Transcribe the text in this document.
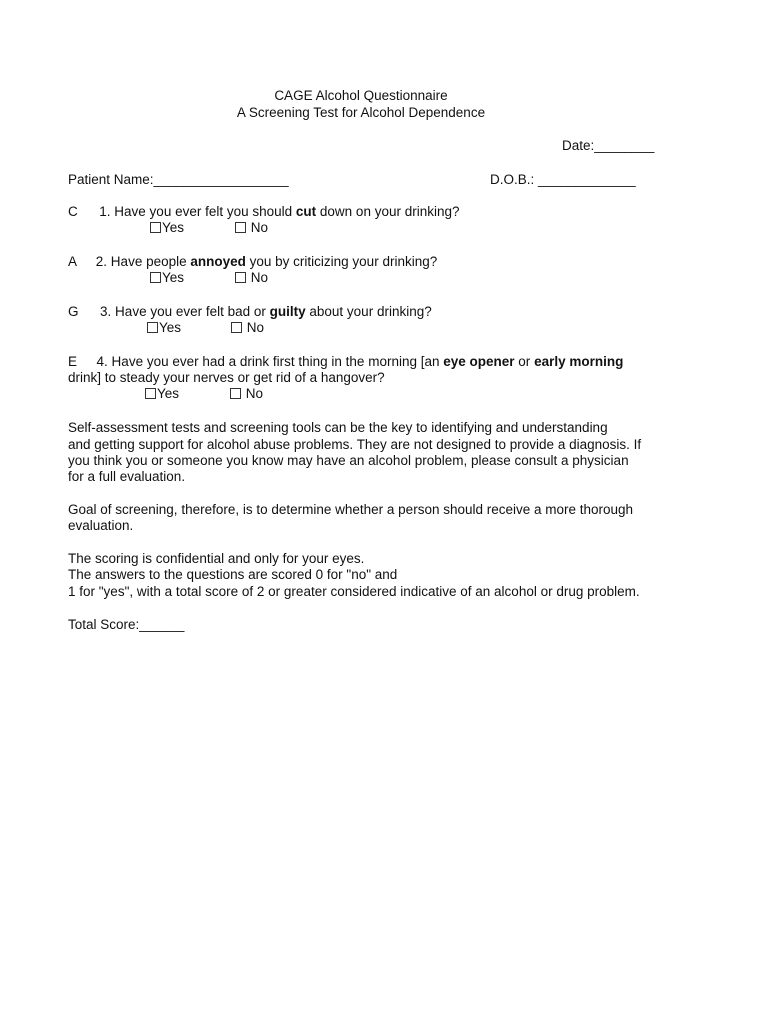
CAGE Alcohol Questionnaire
A Screening Test for Alcohol Dependence
Date:________
Patient Name:__________________	D.O.B.: _____________
C 1. Have you ever felt you should cut down on your drinking?
Yes	No
A 2. Have people annoyed you by criticizing your drinking?
Yes	No
G 3. Have you ever felt bad or guilty about your drinking?
Yes	No
E 4. Have you ever had a drink first thing in the morning [an eye opener or early morning
drink] to steady your nerves or get rid of a hangover?
Yes	No
Self-assessment tests and screening tools can be the key to identifying and understanding
and getting support for alcohol abuse problems. They are not designed to provide a diagnosis. If
you think you or someone you know may have an alcohol problem, please consult a physician
for a full evaluation.
Goal of screening, therefore, is to determine whether a person should receive a more thorough
evaluation.
The scoring is confidential and only for your eyes.
The answers to the questions are scored 0 for "no" and
1 for "yes", with a total score of 2 or greater considered indicative of an alcohol or drug problem.
Total Score:______
